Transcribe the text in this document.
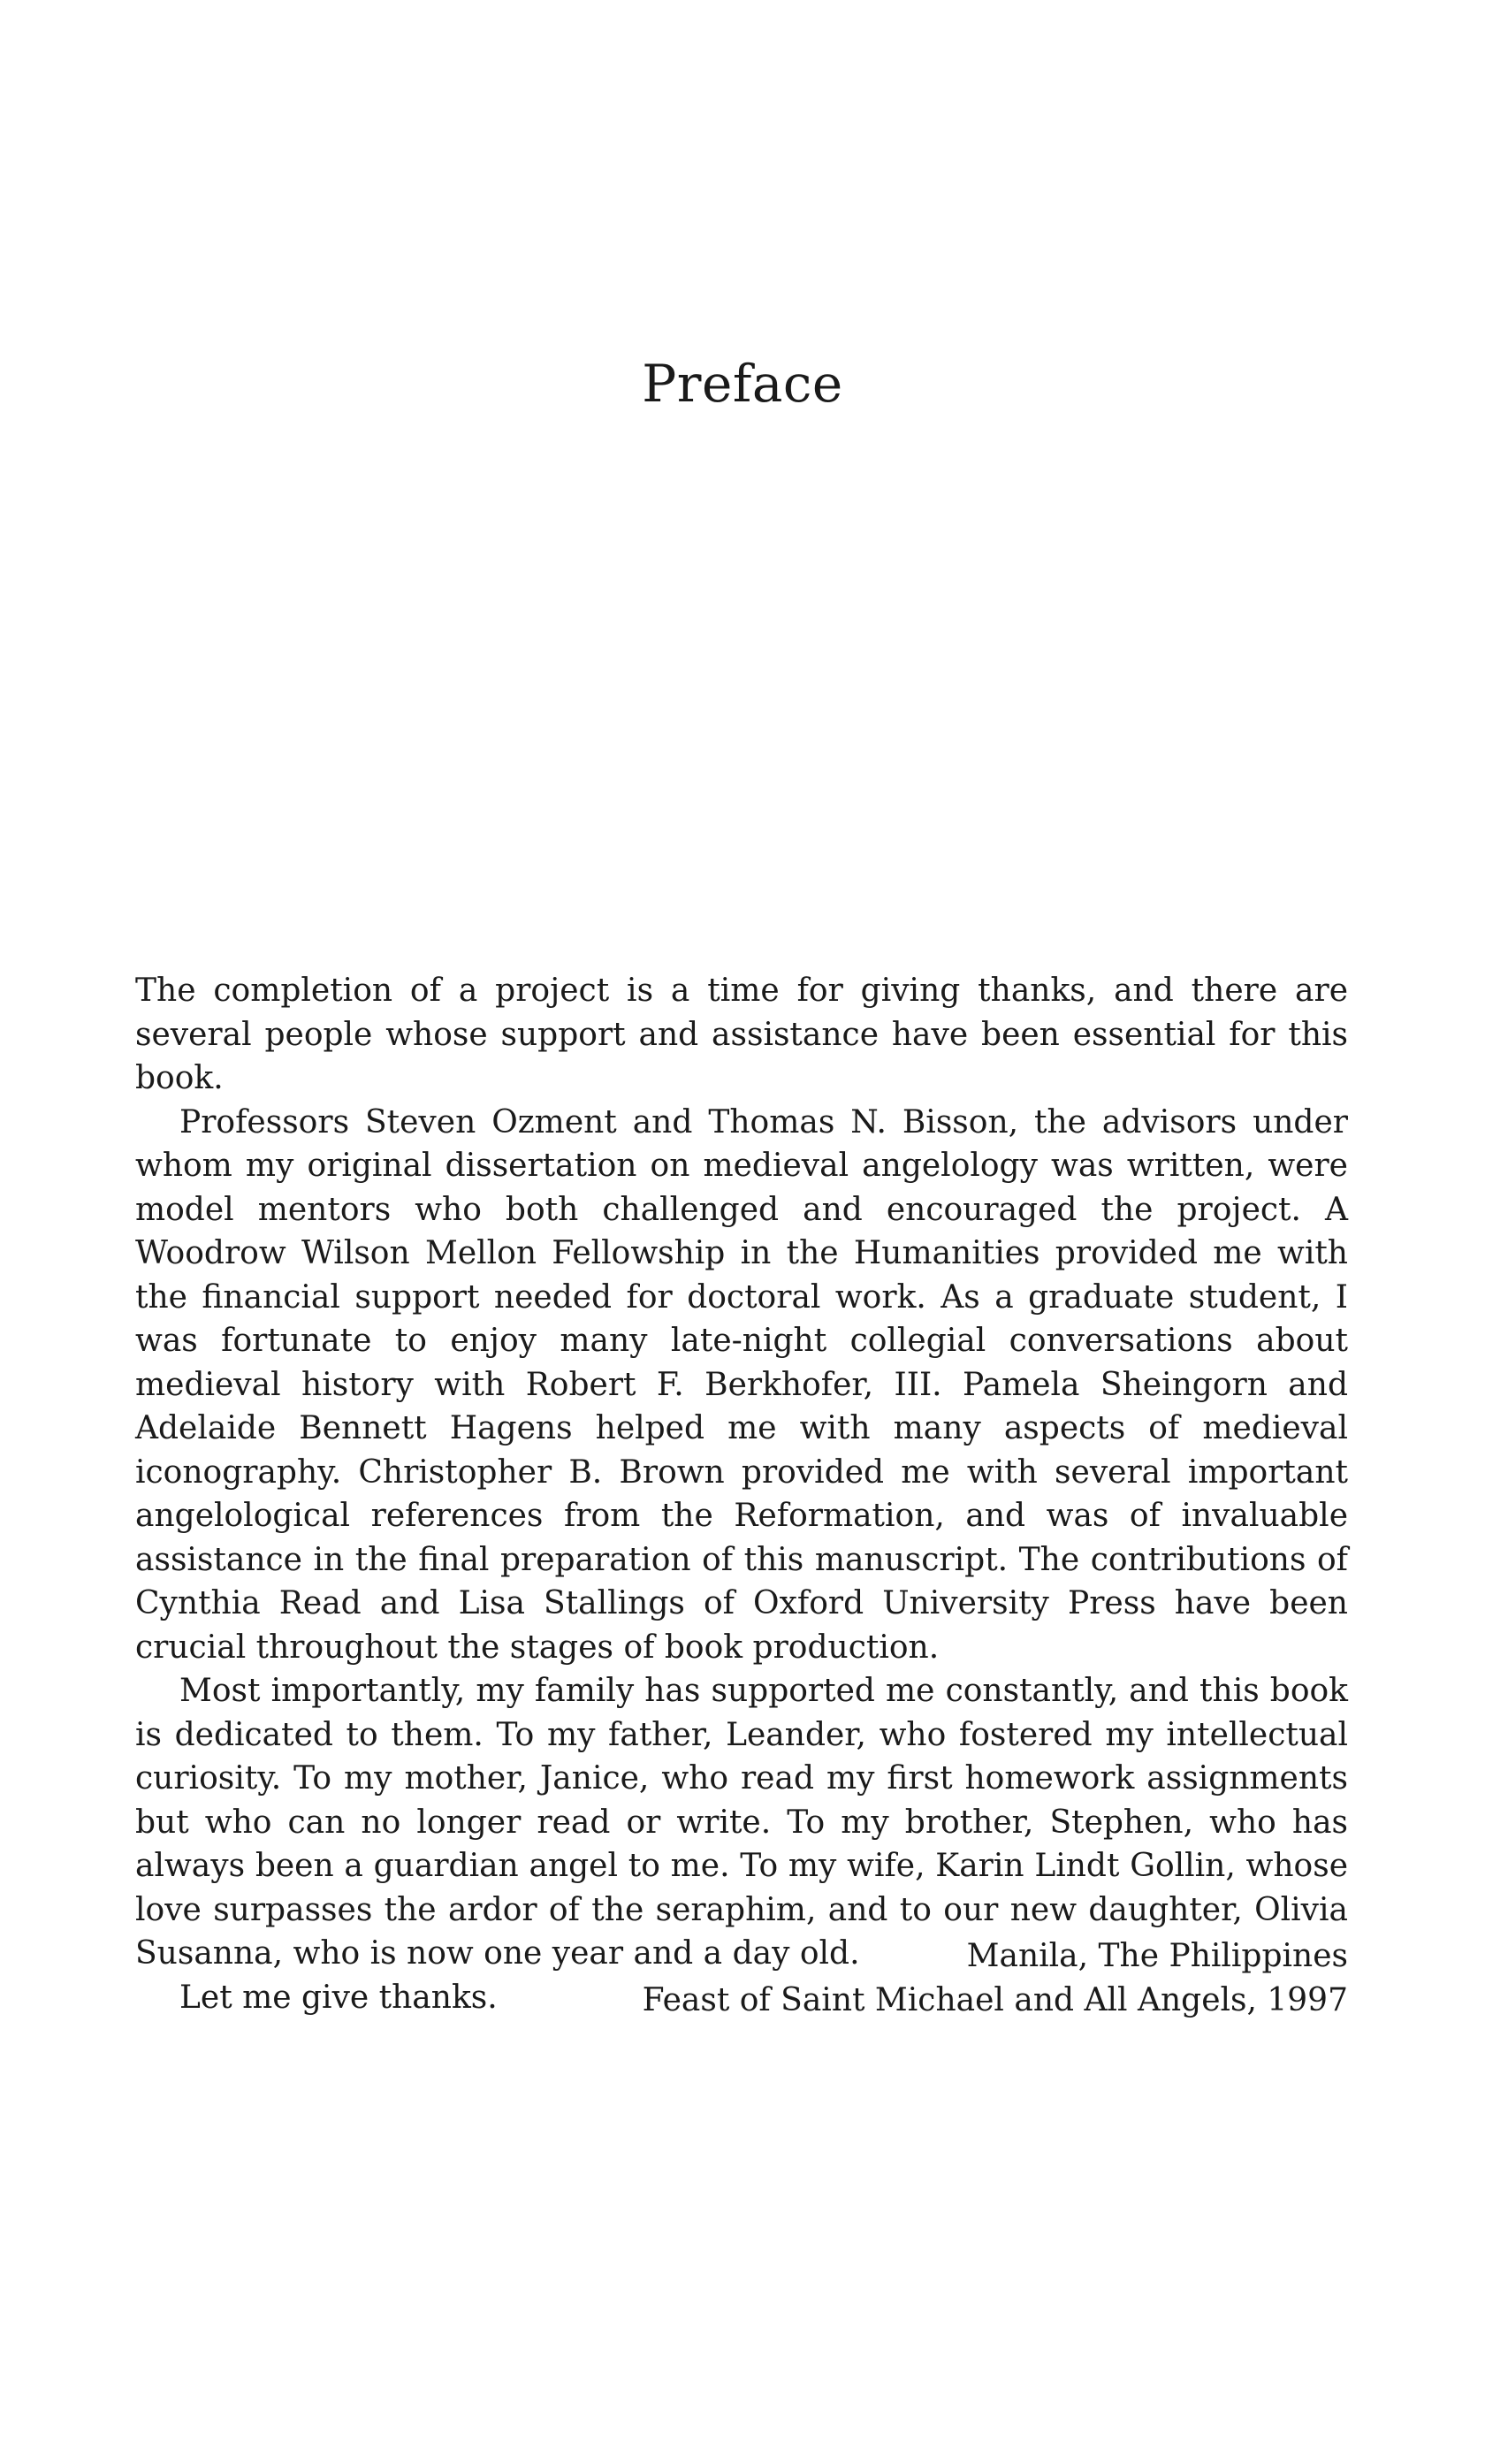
Preface

The completion of a project is a time for giving thanks, and there are several people whose support and assistance have been essential for this book.

Professors Steven Ozment and Thomas N. Bisson, the advisors under whom my original dissertation on medieval angelology was written, were model mentors who both challenged and encouraged the project. A Woodrow Wilson Mellon Fellowship in the Humanities provided me with the financial support needed for doctoral work. As a graduate student, I was fortunate to enjoy many late-night collegial conversations about medieval history with Robert F. Berkhofer, III. Pamela Sheingorn and Adelaide Bennett Hagens helped me with many aspects of medieval iconography. Christopher B. Brown provided me with several important angelological references from the Reformation, and was of invaluable assistance in the final preparation of this manuscript. The contributions of Cynthia Read and Lisa Stallings of Oxford University Press have been crucial throughout the stages of book production.

Most importantly, my family has supported me constantly, and this book is dedicated to them. To my father, Leander, who fostered my intellectual curiosity. To my mother, Janice, who read my first homework assignments but who can no longer read or write. To my brother, Stephen, who has always been a guardian angel to me. To my wife, Karin Lindt Gollin, whose love surpasses the ardor of the seraphim, and to our new daughter, Olivia Susanna, who is now one year and a day old.

Let me give thanks.

Manila, The Philippines
Feast of Saint Michael and All Angels, 1997
